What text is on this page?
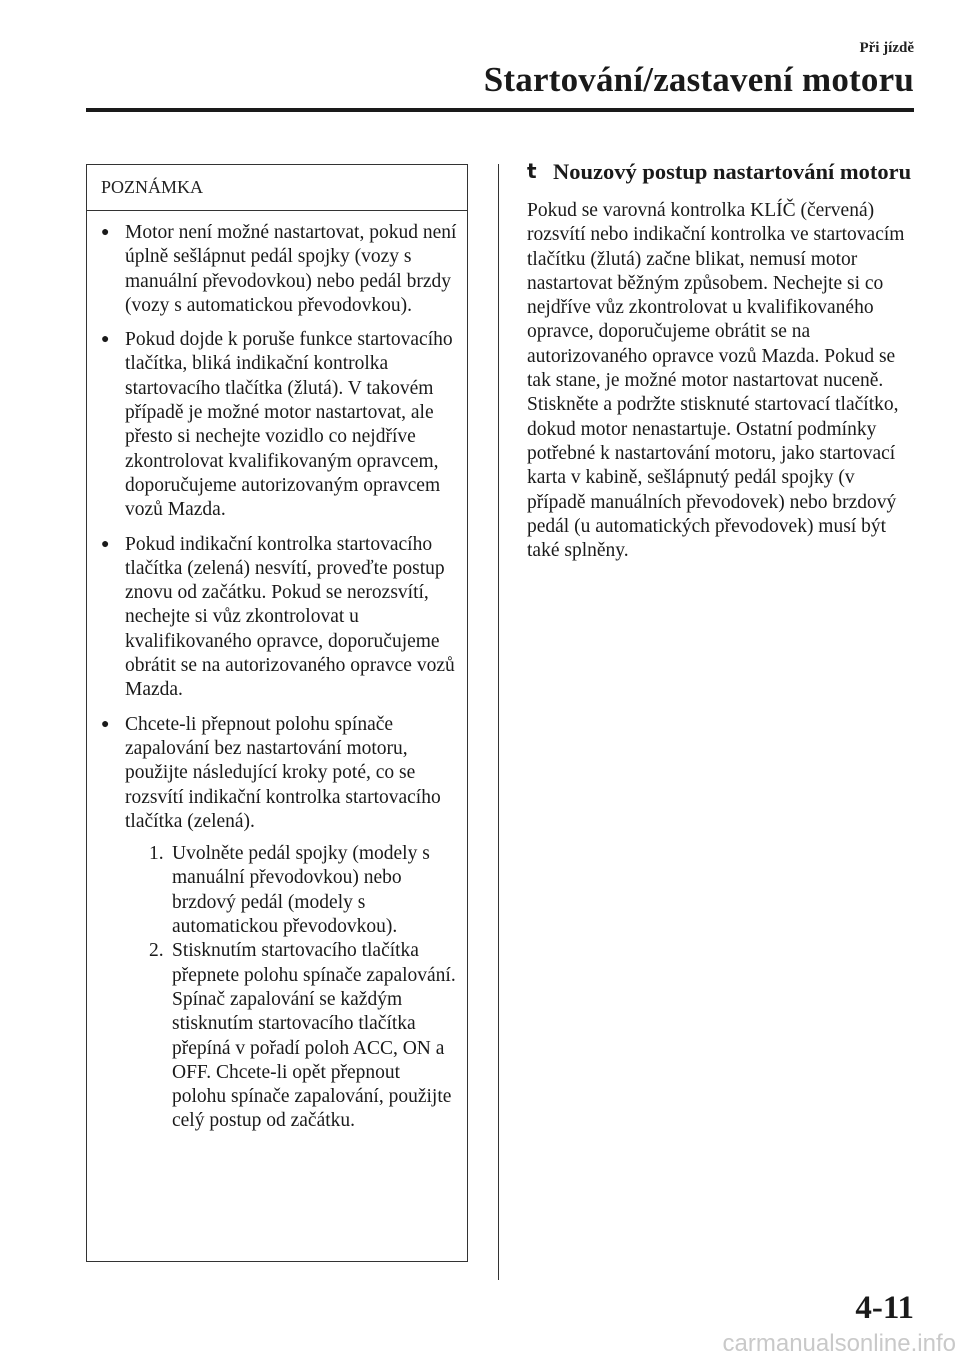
Při jízdě
Startování/zastavení motoru
POZNÁMKA
● Motor není možné nastartovat, pokud není úplně sešlápnut pedál spojky (vozy s manuální převodovkou) nebo pedál brzdy (vozy s automatickou převodovkou).
● Pokud dojde k poruše funkce startovacího tlačítka, bliká indikační kontrolka startovacího tlačítka (žlutá). V takovém případě je možné motor nastartovat, ale přesto si nechejte vozidlo co nejdříve zkontrolovat kvalifikovaným opravcem, doporučujeme autorizovaným opravcem vozů Mazda.
● Pokud indikační kontrolka startovacího tlačítka (zelená) nesvítí, proveďte postup znovu od začátku. Pokud se nerozsvítí, nechejte si vůz zkontrolovat u kvalifikovaného opravce, doporučujeme obrátit se na autorizovaného opravce vozů Mazda.
● Chcete-li přepnout polohu spínače zapalování bez nastartování motoru, použijte následující kroky poté, co se rozsvítí indikační kontrolka startovacího tlačítka (zelená).
1. Uvolněte pedál spojky (modely s manuální převodovkou) nebo brzdový pedál (modely s automatickou převodovkou).
2. Stisknutím startovacího tlačítka přepnete polohu spínače zapalování. Spínač zapalování se každým stisknutím startovacího tlačítka přepíná v pořadí poloh ACC, ON a OFF. Chcete-li opět přepnout polohu spínače zapalování, použijte celý postup od začátku.
t Nouzový postup nastartování motoru
Pokud se varovná kontrolka KLÍČ (červená) rozsvítí nebo indikační kontrolka ve startovacím tlačítku (žlutá) začne blikat, nemusí motor nastartovat běžným způsobem. Nechejte si co nejdříve vůz zkontrolovat u kvalifikovaného opravce, doporučujeme obrátit se na autorizovaného opravce vozů Mazda. Pokud se tak stane, je možné motor nastartovat nuceně. Stiskněte a podržte stisknuté startovací tlačítko, dokud motor nenastartuje. Ostatní podmínky potřebné k nastartování motoru, jako startovací karta v kabině, sešlápnutý pedál spojky (v případě manuálních převodovek) nebo brzdový pedál (u automatických převodovek) musí být také splněny.
4-11
carmanualsonline.info
